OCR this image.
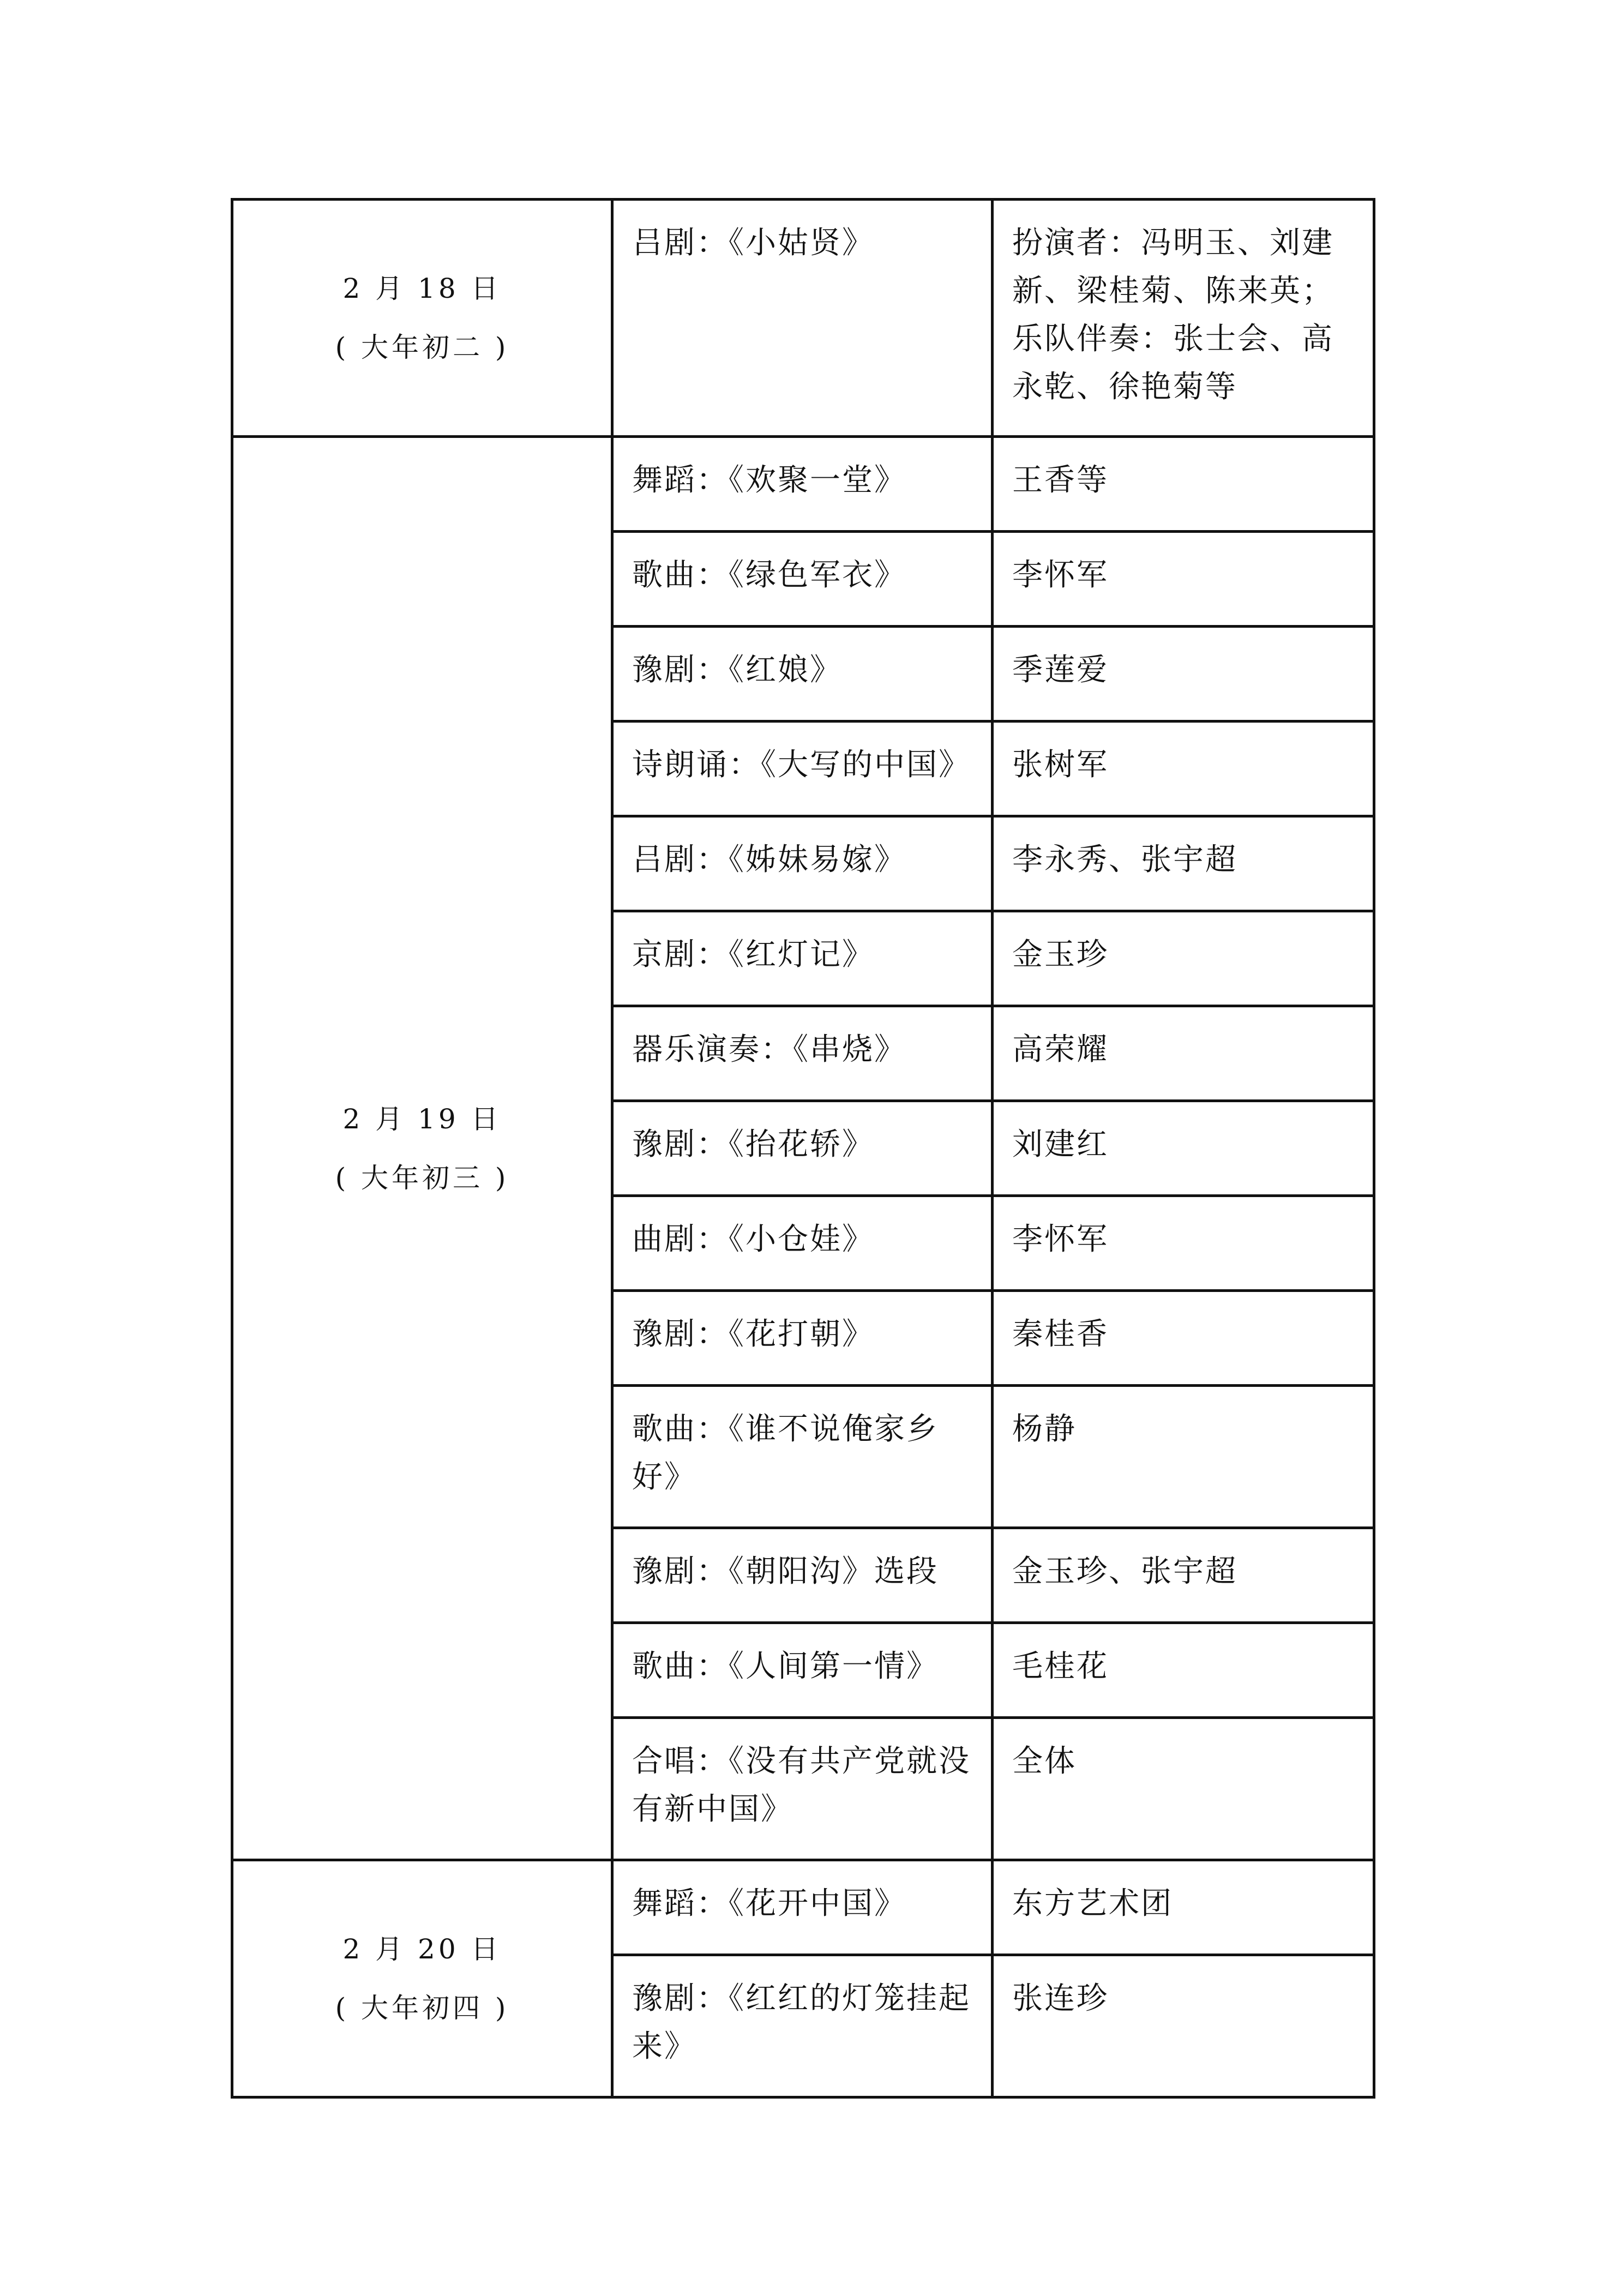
2 月 18 日
( 大年初二 )	吕剧：《小姑贤》	扮演者：冯明玉、刘建新、梁桂菊、陈来英；乐队伴奏：张士会、高永乾、徐艳菊等

2 月 19 日
( 大年初三 )	舞蹈：《欢聚一堂》	王香等

	歌曲：《绿色军衣》	李怀军

	豫剧：《红娘》	季莲爱

	诗朗诵：《大写的中国》	张树军

	吕剧：《姊妹易嫁》	李永秀、张宇超

	京剧：《红灯记》	金玉珍

	器乐演奏：《串烧》	高荣耀

	豫剧：《抬花轿》	刘建红

	曲剧：《小仓娃》	李怀军

	豫剧：《花打朝》	秦桂香

	歌曲：《谁不说俺家乡好》	杨静

	豫剧：《朝阳沟》选段	金玉珍、张宇超

	歌曲：《人间第一情》	毛桂花

	合唱：《没有共产党就没有新中国》	全体

2 月 20 日
( 大年初四 )	舞蹈：《花开中国》	东方艺术团

	豫剧：《红红的灯笼挂起来》	张连珍
